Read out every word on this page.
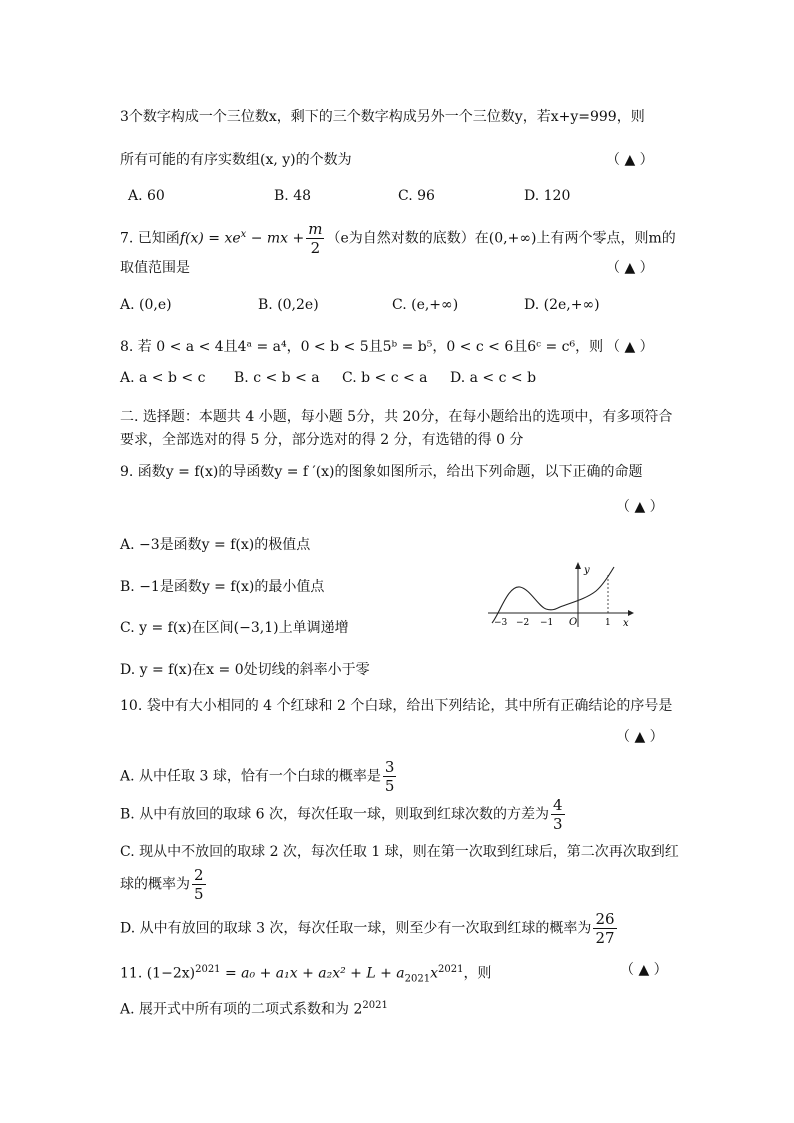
3个数字构成一个三位数x，剩下的三个数字构成另外一个三位数y，若x+y=999，则
所有可能的有序实数组(x, y)的个数为	（ ▲ ）
A. 60	B. 48	C. 96	D. 120
7. 已知函$f(x) = xe^x$ − mx + $\frac{m}{2} (e$为自然对数的底数）在(0,+∞)上有两个零点，则m的
取值范围是	（ ▲ ）
A. (0,e)	B. (0,2e)	C. (e,+∞)	D. (2e,+∞)
8. 若 0 < a < 4且4ᵃ = a⁴，0 < b < 5且5ᵇ = b⁵，0 < c < 6且6ᶜ = c⁶，则 （ ▲ ）
A. a < b < c B. c < b < a C. b < c < a D. a < c < b
二. 选择题：本题共 4 小题，每小题 5分，共 20分，在每小题给出的选项中，有多项符合
要求，全部选对的得 5 分，部分选对的得 2 分，有选错的得 0 分
9. 函数y = f(x)的导函数y = f ′(x)的图象如图所示，给出下列命题，以下正确的命题
（ ▲ ）
A. −3是函数y = f(x)的极值点
B. −1是函数y = f(x)的最小值点
C. y = f(x)在区间(−3,1)上单调递增
D. y = f(x)在x = 0处切线的斜率小于零
y
x
O
−3 −2 −1	1
10. 袋中有大小相同的 4 个红球和 2 个白球，给出下列结论，其中所有正确结论的序号是
（ ▲ ）
A. 从中任取 3 球，恰有一个白球的概率是 $\frac{3}{5}$
B. 从中有放回的取球 6 次，每次任取一球，则取到红球次数的方差为 $\frac{4}{3}$
C. 现从中不放回的取球 2 次，每次任取 1 球，则在第一次取到红球后，第二次再次取到红
球的概率为 $\frac{2}{5}$
D. 从中有放回的取球 3 次，每次任取一球，则至少有一次取到红球的概率为 $\frac{26}{27}$
11. $(1-2x)^{2021} = a_0 + a_1x + a_2x^2 + L + a_{2021}x^{2021}$，则	（ ▲ ）
A. 展开式中所有项的二项式系数和为 $2^{2021}$
